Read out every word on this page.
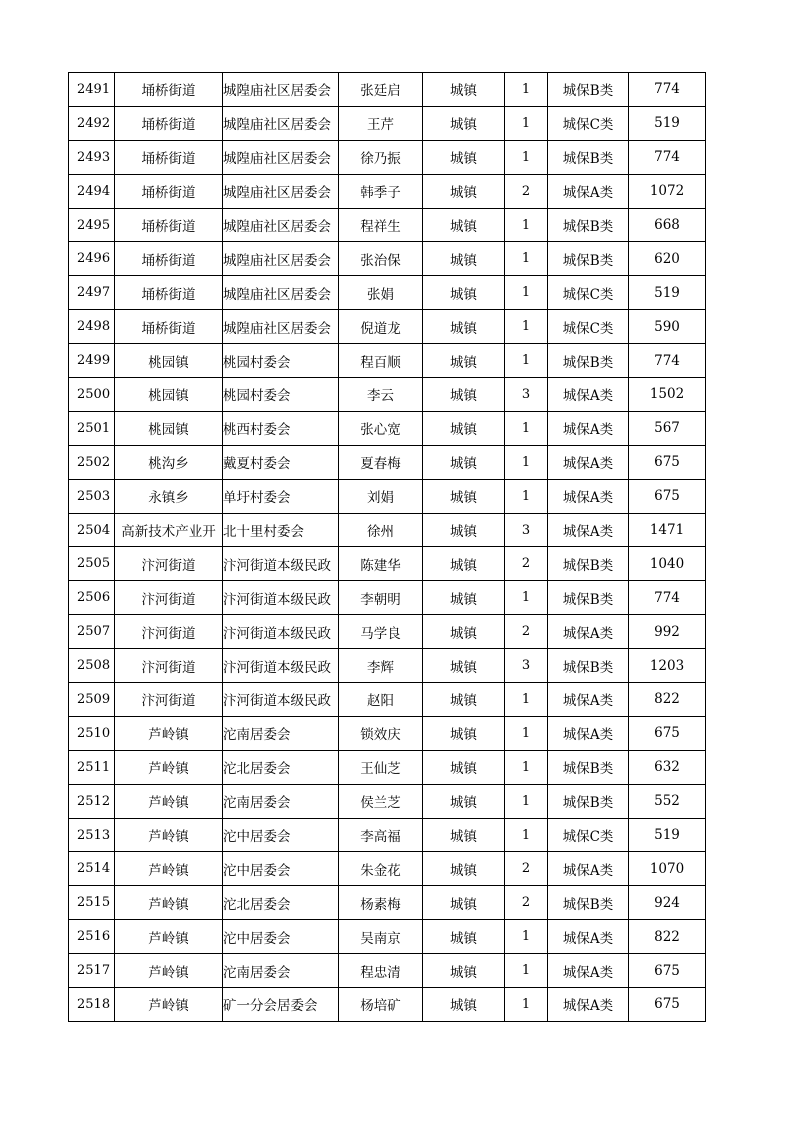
2491	埇桥街道	城隍庙社区居委会	张廷启	城镇	1	城保B类	774
2492	埇桥街道	城隍庙社区居委会	王芹	城镇	1	城保C类	519
2493	埇桥街道	城隍庙社区居委会	徐乃振	城镇	1	城保B类	774
2494	埇桥街道	城隍庙社区居委会	韩季子	城镇	2	城保A类	1072
2495	埇桥街道	城隍庙社区居委会	程祥生	城镇	1	城保B类	668
2496	埇桥街道	城隍庙社区居委会	张治保	城镇	1	城保B类	620
2497	埇桥街道	城隍庙社区居委会	张娟	城镇	1	城保C类	519
2498	埇桥街道	城隍庙社区居委会	倪道龙	城镇	1	城保C类	590
2499	桃园镇	桃园村委会	程百顺	城镇	1	城保B类	774
2500	桃园镇	桃园村委会	李云	城镇	3	城保A类	1502
2501	桃园镇	桃西村委会	张心宽	城镇	1	城保A类	567
2502	桃沟乡	戴夏村委会	夏春梅	城镇	1	城保A类	675
2503	永镇乡	单圩村委会	刘娟	城镇	1	城保A类	675
2504	高新技术产业开	北十里村委会	徐州	城镇	3	城保A类	1471
2505	汴河街道	汴河街道本级民政	陈建华	城镇	2	城保B类	1040
2506	汴河街道	汴河街道本级民政	李朝明	城镇	1	城保B类	774
2507	汴河街道	汴河街道本级民政	马学良	城镇	2	城保A类	992
2508	汴河街道	汴河街道本级民政	李辉	城镇	3	城保B类	1203
2509	汴河街道	汴河街道本级民政	赵阳	城镇	1	城保A类	822
2510	芦岭镇	沱南居委会	锁效庆	城镇	1	城保A类	675
2511	芦岭镇	沱北居委会	王仙芝	城镇	1	城保B类	632
2512	芦岭镇	沱南居委会	侯兰芝	城镇	1	城保B类	552
2513	芦岭镇	沱中居委会	李高福	城镇	1	城保C类	519
2514	芦岭镇	沱中居委会	朱金花	城镇	2	城保A类	1070
2515	芦岭镇	沱北居委会	杨素梅	城镇	2	城保B类	924
2516	芦岭镇	沱中居委会	吴南京	城镇	1	城保A类	822
2517	芦岭镇	沱南居委会	程忠清	城镇	1	城保A类	675
2518	芦岭镇	矿一分会居委会	杨培矿	城镇	1	城保A类	675
